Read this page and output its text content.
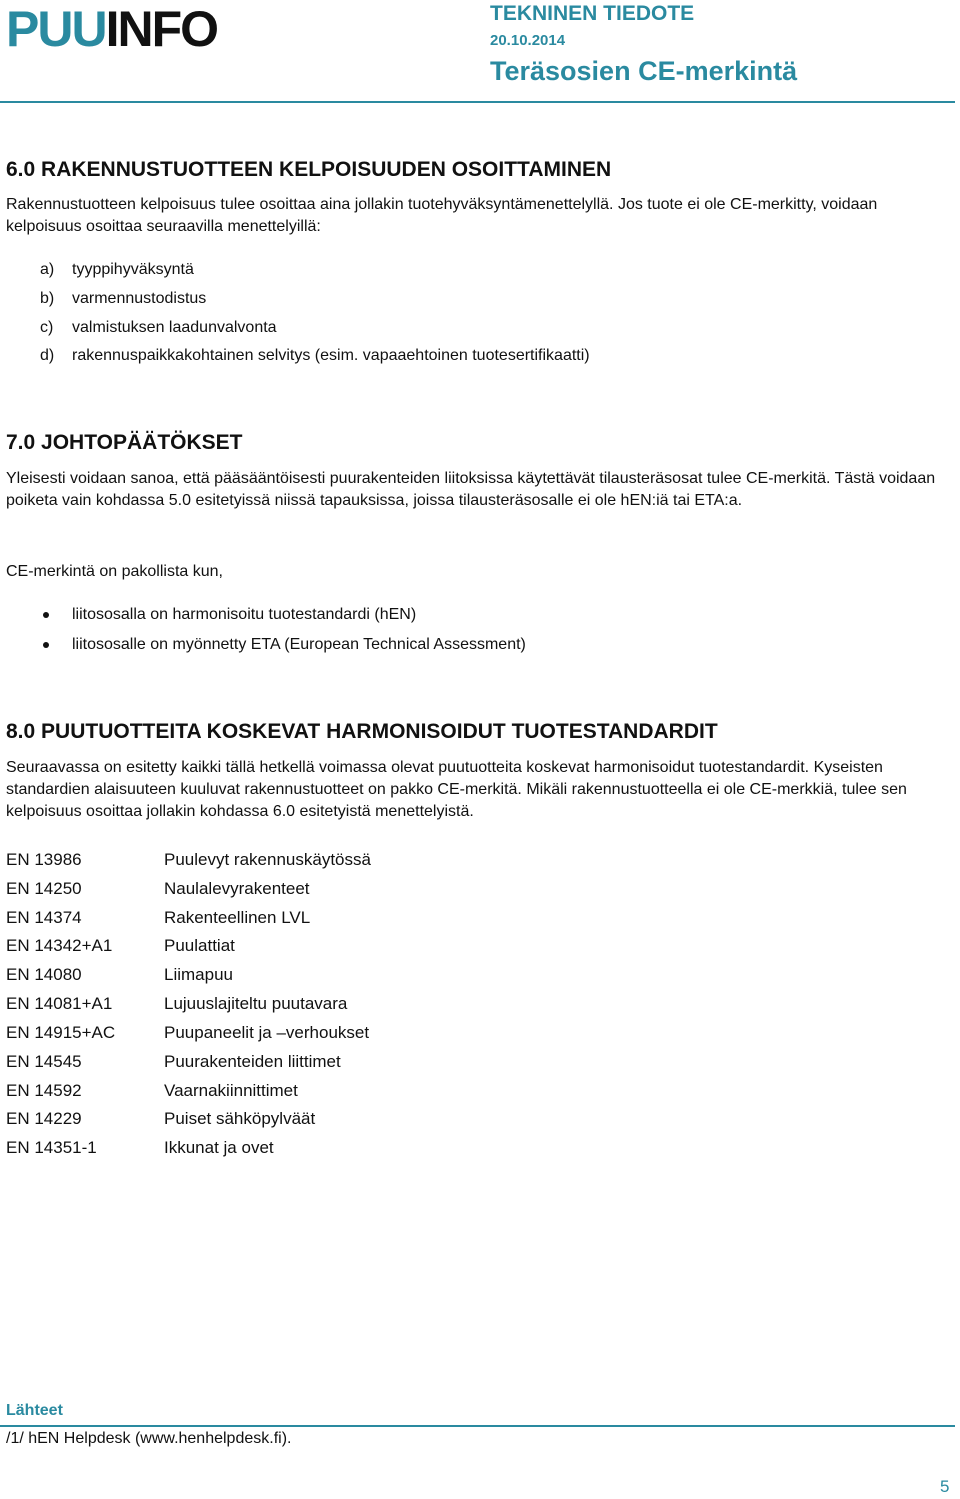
PUUINFO	TEKNINEN TIEDOTE
20.10.2014
Teräsosien CE-merkintä
6.0 RAKENNUSTUOTTEEN KELPOISUUDEN OSOITTAMINEN

Rakennustuotteen kelpoisuus tulee osoittaa aina jollakin tuotehyväksyntämenettelyllä. Jos tuote ei ole CE-merkitty, voidaan kelpoisuus osoittaa seuraavilla menettelyillä:

a) tyyppihyväksyntä
b) varmennustodistus
c) valmistuksen laadunvalvonta
d) rakennuspaikkakohtainen selvitys (esim. vapaaehtoinen tuotesertifikaatti)
7.0 JOHTOPÄÄTÖKSET

Yleisesti voidaan sanoa, että pääsääntöisesti puurakenteiden liitoksissa käytettävät tilausteräsosat tulee CE-merkitä. Tästä voidaan poiketa vain kohdassa 5.0 esitetyissä niissä tapauksissa, joissa tilausteräsosalle ei ole hEN:iä tai ETA:a.

CE-merkintä on pakollista kun,

liitososalla on harmonisoitu tuotestandardi (hEN)
liitososalle on myönnetty ETA (European Technical Assessment)
8.0 PUUTUOTTEITA KOSKEVAT HARMONISOIDUT TUOTESTANDARDIT

Seuraavassa on esitetty kaikki tällä hetkellä voimassa olevat puutuotteita koskevat harmonisoidut tuotestandardit. Kyseisten standardien alaisuuteen kuuluvat rakennustuotteet on pakko CE-merkitä. Mikäli rakennustuotteella ei ole CE-merkkiä, tulee sen kelpoisuus osoittaa jollakin kohdassa 6.0 esitetyistä menettelyistä.

EN 13986	Puulevyt rakennuskäytössä
EN 14250	Naulalevyrakenteet
EN 14374	Rakenteellinen LVL
EN 14342+A1	Puulattiat
EN 14080	Liimapuu
EN 14081+A1	Lujuuslajiteltu puutavara
EN 14915+AC	Puupaneelit ja –verhoukset
EN 14545	Puurakenteiden liittimet
EN 14592	Vaarnakiinnittimet
EN 14229	Puiset sähköpylväät
EN 14351-1	Ikkunat ja ovet
Lähteet
/1/ hEN Helpdesk (www.henhelpdesk.fi).
5
